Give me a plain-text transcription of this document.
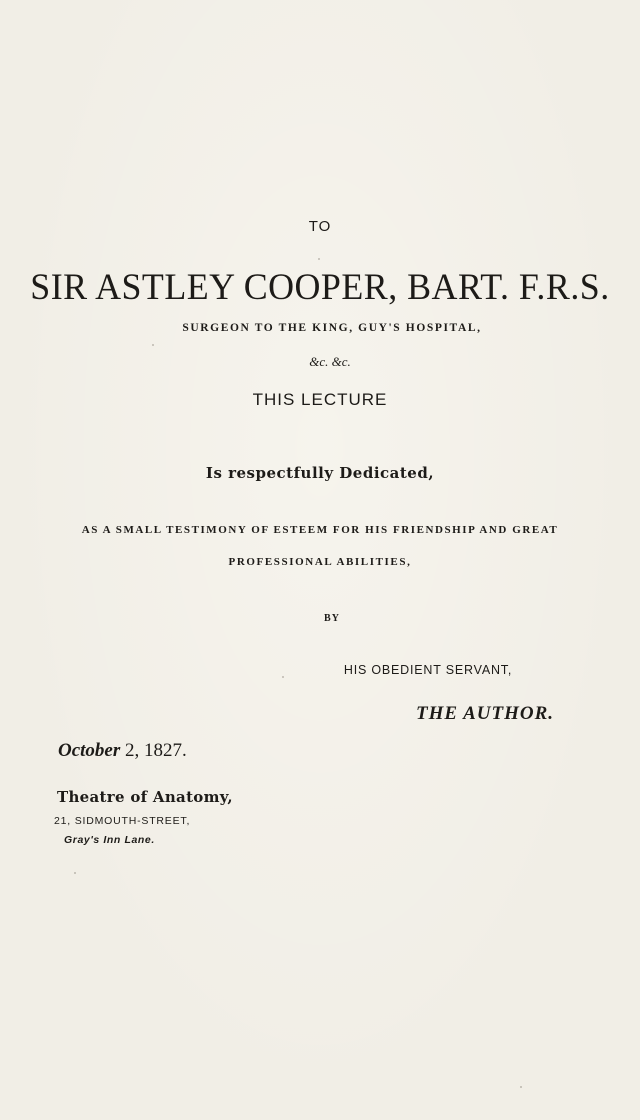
TO
SIR ASTLEY COOPER, BART. F.R.S.
SURGEON TO THE KING, GUY'S HOSPITAL,
&c. &c.
THIS LECTURE
Is respectfully Dedicated,
AS A SMALL TESTIMONY OF ESTEEM FOR HIS FRIENDSHIP AND GREAT
PROFESSIONAL ABILITIES,
BY
HIS OBEDIENT SERVANT,
THE AUTHOR.
October 2, 1827.
Theatre of Anatomy,
21, SIDMOUTH-STREET,
Gray's Inn Lane.
